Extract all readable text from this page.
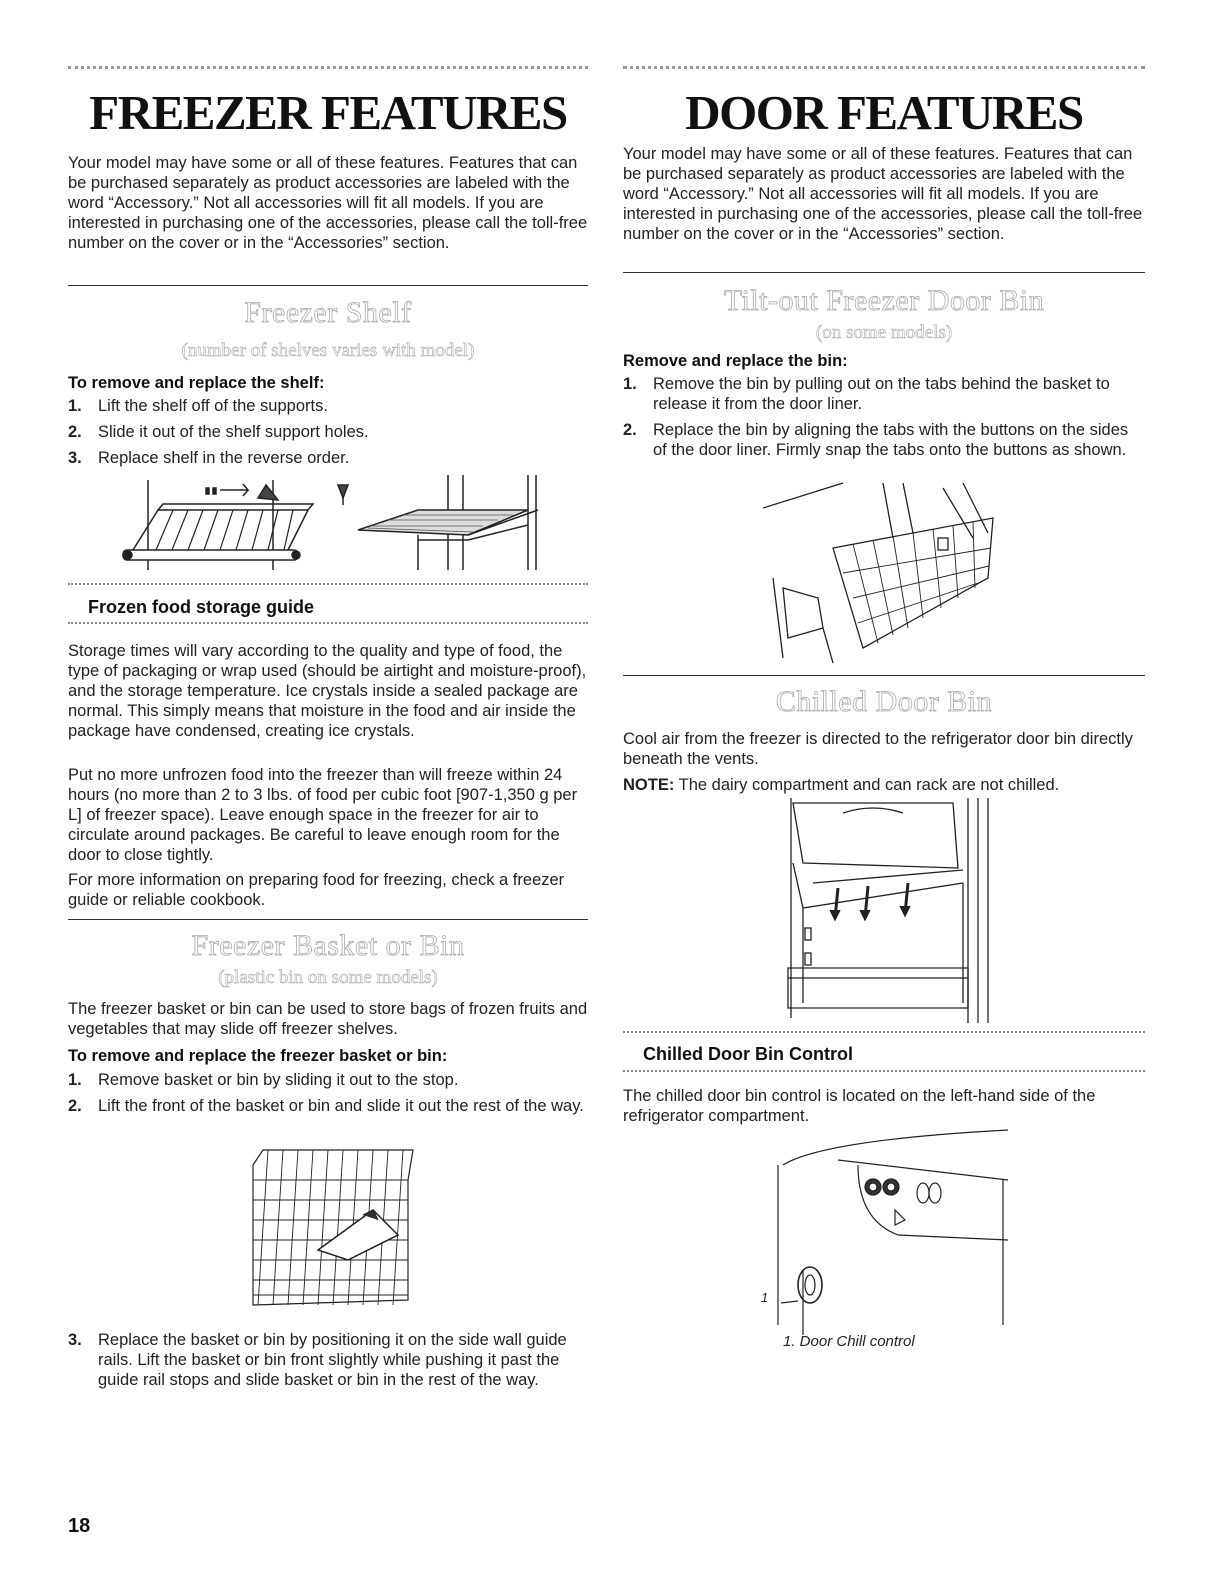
FREEZER FEATURES

Your model may have some or all of these features. Features that can be purchased separately as product accessories are labeled with the word “Accessory.” Not all accessories will fit all models. If you are interested in purchasing one of the accessories, please call the toll-free number on the cover or in the “Accessories” section.

Freezer Shelf
(number of shelves varies with model)
To remove and replace the shelf:
1. Lift the shelf off of the supports.
2. Slide it out of the shelf support holes.
3. Replace shelf in the reverse order.
Frozen food storage guide

Storage times will vary according to the quality and type of food, the type of packaging or wrap used (should be airtight and moisture-proof), and the storage temperature. Ice crystals inside a sealed package are normal. This simply means that moisture in the food and air inside the package have condensed, creating ice crystals.

Put no more unfrozen food into the freezer than will freeze within 24 hours (no more than 2 to 3 lbs. of food per cubic foot [907-1,350 g per L] of freezer space). Leave enough space in the freezer for air to circulate around packages. Be careful to leave enough room for the door to close tightly.

For more information on preparing food for freezing, check a freezer guide or reliable cookbook.

Freezer Basket or Bin
(plastic bin on some models)

The freezer basket or bin can be used to store bags of frozen fruits and vegetables that may slide off freezer shelves.

To remove and replace the freezer basket or bin:
1. Remove basket or bin by sliding it out to the stop.
2. Lift the front of the basket or bin and slide it out the rest of the way.
3. Replace the basket or bin by positioning it on the side wall guide rails. Lift the basket or bin front slightly while pushing it past the guide rail stops and slide basket or bin in the rest of the way.
DOOR FEATURES

Your model may have some or all of these features. Features that can be purchased separately as product accessories are labeled with the word “Accessory.” Not all accessories will fit all models. If you are interested in purchasing one of the accessories, please call the toll-free number on the cover or in the “Accessories” section.

Tilt-out Freezer Door Bin
(on some models)
Remove and replace the bin:
1. Remove the bin by pulling out on the tabs behind the basket to release it from the door liner.
2. Replace the bin by aligning the tabs with the buttons on the sides of the door liner. Firmly snap the tabs onto the buttons as shown.
Chilled Door Bin

Cool air from the freezer is directed to the refrigerator door bin directly beneath the vents.

NOTE: The dairy compartment and can rack are not chilled.

Chilled Door Bin Control

The chilled door bin control is located on the left-hand side of the refrigerator compartment.

1
1. Door Chill control
18
